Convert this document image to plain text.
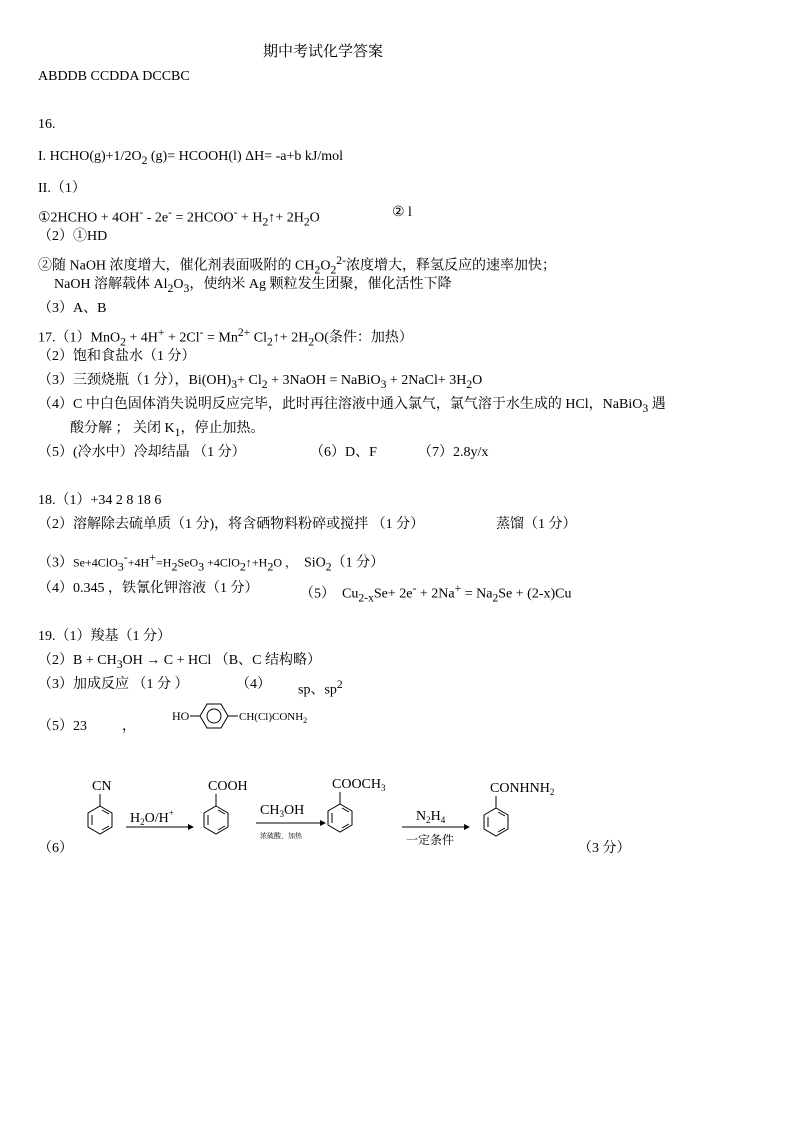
期中考试化学答案
ABDDB CCDDA DCCBC
16.
I. $HCHO(g)+1/2O_2$ (g)= HCOOH(l) ΔH= -a+b kJ/mol
II.（1）
①2HCHO + 4OH- - 2e- = 2HCOO- + $H_2↑+ 2H_2O$	② l
（2）①HD
②随 NaOH 浓度增大，催化剂表面吸附的 $CH_2O_2^{2-}$浓度增大，释氢反应的速率加快；
NaOH 溶解载体 $Al_2O_3$，使纳米 Ag 颗粒发生团聚，催化活性下降
（3）A、B
$17.(1)MnO_2 + 4H^+ + 2Cl^- = Mn^{2+}$ $Cl_2↑+ 2H_2O$(条件：加热）
（2）饱和食盐水（1 分）
（3）三颈烧瓶（1 分），$Bi(OH)_3+ Cl_2$ + 3NaOH = NaBiO$_3$ + 2NaCl+ $3H_2O$
（4）C 中白色固体消失说明反应完毕，此时再往溶液中通入氯气，氯气溶于水生成的 HCl，NaBiO$_3$ 遇
酸分解 ； 关闭 $K_1$，停止加热。
（5）(冷水中）冷却结晶 （1 分）	（6）D、F	（7）2.8y/x
18.（1）+34 2 8 18 6
（2）溶解除去硫单质（1 分)，将含硒物料粉碎或搅拌 （1 分）	蒸馏（1 分）
$(3)Se+4ClO_3^-+4H^+=H_2SeO_3$ $+4ClO_2↑+H_2O$ ， SiO$_2$（1 分）
（4）0.345 ，铁氰化钾溶液（1 分）	（5） $Cu_{2-x}Se+ 2e^- + 2Na^+ = Na_2Se + (2-x)Cu$
19.（1）羧基（1 分）
$(2)B + CH_3OH \to C$ + HCl （B、C 结构略）
（3）加成反应 （1 分 ）	（4） sp、$sp^2$
（5）23	，
HO	$CH(Cl)CONH_2$
（6）	（3 分）
CN
$H_2O/H^+$
COOH
$CH_3OH$
浓硫酸，加热
$COOCH_3$
$N_2H_4$
一定条件
$CONHNH_2$
